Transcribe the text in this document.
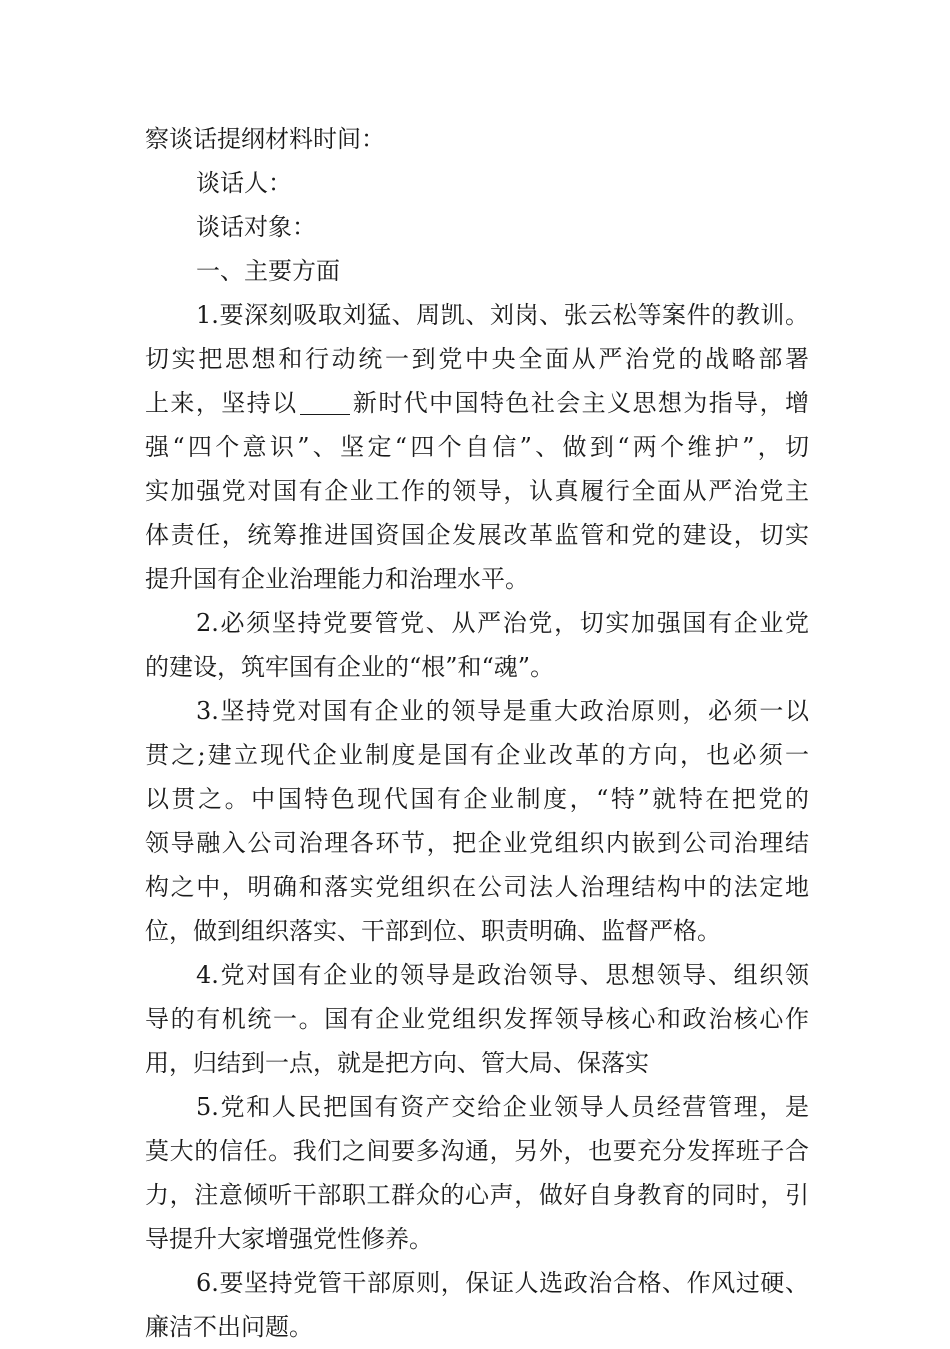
察谈话提纲材料时间：
谈话人：
谈话对象：
一、主要方面
1.要深刻吸取刘猛、周凯、刘岗、张云松等案件的教训。
切实把思想和行动统一到党中央全面从严治党的战略部署
上来，坚持以 新时代中国特色社会主义思想为指导，增
强“四个意识”、坚定“四个自信”、做到“两个维护”，切
实加强党对国有企业工作的领导，认真履行全面从严治党主
体责任，统筹推进国资国企发展改革监管和党的建设，切实
提升国有企业治理能力和治理水平。
2.必须坚持党要管党、从严治党，切实加强国有企业党
的建设，筑牢国有企业的“根”和“魂”。
3.坚持党对国有企业的领导是重大政治原则，必须一以
贯之;建立现代企业制度是国有企业改革的方向，也必须一
以贯之。中国特色现代国有企业制度，“特”就特在把党的
领导融入公司治理各环节，把企业党组织内嵌到公司治理结
构之中，明确和落实党组织在公司法人治理结构中的法定地
位，做到组织落实、干部到位、职责明确、监督严格。
4.党对国有企业的领导是政治领导、思想领导、组织领
导的有机统一。国有企业党组织发挥领导核心和政治核心作
用，归结到一点，就是把方向、管大局、保落实
5.党和人民把国有资产交给企业领导人员经营管理，是
莫大的信任。我们之间要多沟通，另外，也要充分发挥班子合
力，注意倾听干部职工群众的心声，做好自身教育的同时，引
导提升大家增强党性修养。
6.要坚持党管干部原则，保证人选政治合格、作风过硬、
廉洁不出问题。
